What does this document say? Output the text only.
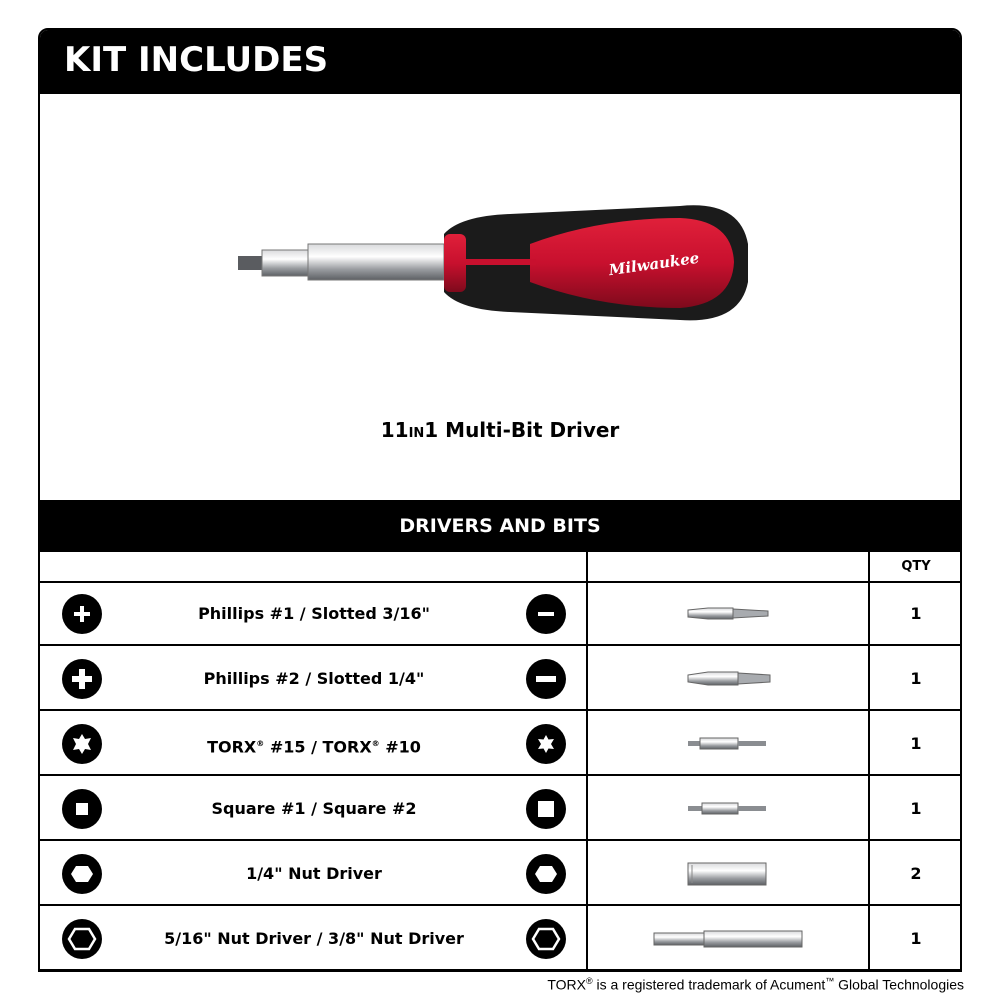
KIT INCLUDES
Milwaukee
11IN1 Multi-Bit Driver
DRIVERS AND BITS
QTY
Phillips #1 / Slotted 3/16"	1
Phillips #2 / Slotted 1/4"	1
TORX® #15 / TORX® #10	1
Square #1 / Square #2	1
1/4" Nut Driver	2
5/16" Nut Driver / 3/8" Nut Driver	1
TORX® is a registered trademark of Acument™ Global Technologies
